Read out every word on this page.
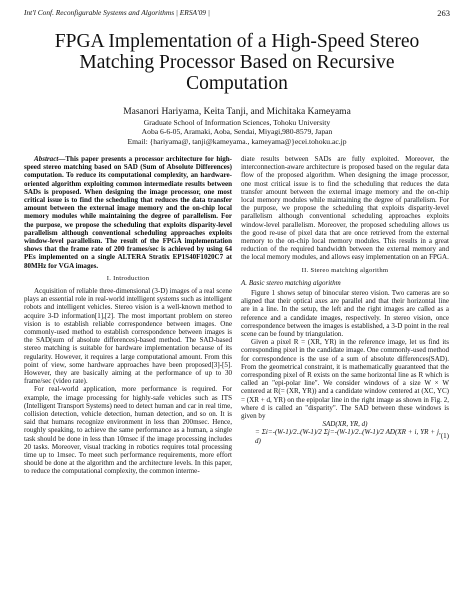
Int'l Conf. Reconfigurable Systems and Algorithms | ERSA'09 |	263
FPGA Implementation of a High-Speed Stereo
Matching Processor Based on Recursive
Computation
Masanori Hariyama, Keita Tanji, and Michitaka Kameyama
Graduate School of Information Sciences, Tohoku University
Aoba 6-6-05, Aramaki, Aoba, Sendai, Miyagi,980-8579, Japan
Email: {hariyama@, tanji@kameyama., kameyama@}ecei.tohoku.ac.jp

Abstract—This paper presents a processor architecture for high-speed stereo matching based on SAD (Sum of Absolute Differences) computation. To reduce its computational complexity, an hardware-oriented algorithm exploiting common intermediate results between SADs is proposed. When designing the image processor, one most critical issue is to find the scheduling that reduces the data transfer amount between the external image memory and the on-chip local memory modules while maintaining the degree of parallelism. For the purpose, we propose the scheduling that exploits disparity-level parallelism although conventional scheduling approaches exploits window-level parallelism. The result of the FPGA implementation shows that the frame rate of 200 frames/sec is achieved by using 64 PEs implemented on a single ALTERA Stratix EP1S40F1020C7 at 80MHz for VGA images.

I. Introduction

Acquisition of reliable three-dimensional (3-D) images of a real scene plays an essential role in real-world intelligent systems such as intelligent robots and intelligent vehicles. Stereo vision is a well-known method to acquire 3-D information[1],[2]. The most important problem on stereo vision is to establish reliable correspondence between images. One commonly-used method to establish correspondence between images is the SAD(sum of absolute differences)-based method. The SAD-based stereo matching is suitable for hardware implementation because of its regularity. However, it requires a large computational amount. From this point of view, some hardware approaches have been proposed[3]-[5]. However, they are basically aiming at the performance of up to 30 frame/sec (video rate).

For real-world application, more performance is required. For example, the image processing for highly-safe vehicles such as ITS (Intelligent Transport Systems) need to detect human and car in real time, collision detection, vehicle detection, human detection, and so on. It is said that humans recognize environment in less than 200msec. Hence, roughly speaking, to achieve the same performance as a human, a single task should be done in less than 10msec if the image processing includes 20 tasks. Moreover, visual tracking in robotics requires total processing time up to 1msec. To meet such performance requirements, more effort should be done at the algorithm and the architecture levels. In this paper, to reduce the computational complexity, the common interme-

diate results between SADs are fully exploited. Moreover, the interconnection-aware architecture is proposed based on the regular data flow of the proposed algorithm. When designing the image processor, one most critical issue is to find the scheduling that reduces the data transfer amount between the external image memory and the on-chip local memory modules while maintaining the degree of parallelism. For the purpose, we propose the scheduling that exploits disparity-level parallelism although conventional scheduling approaches exploits window-level parallelism. Moreover, the proposed scheduling allows us the good re-use of pixel data that are once retrieved from the external memory to the on-chip local memory modules. This results in a great reduction of the required bandwidth between the external memory and the local memory modules, and allows easy implementation on an FPGA.

II. Stereo matching algorithm
A. Basic stereo matching algorithm

Figure 1 shows setup of binocular stereo vision. Two cameras are so aligned that their optical axes are parallel and that their horizontal line are in a line. In the setup, the left and the right images are called as a reference and a candidate images, respectively. In stereo vision, once correspondence between the images is established, a 3-D point in the real scene can be found by triangulation.

Given a pixel R = (XR, YR) in the reference image, let us find its corresponding pixel in the candidate image. One commonly-used method for correspondence is the use of a sum of absolute differences(SAD). From the geometrical constraint, it is mathematically guaranteed that the corresponding pixel of R exists on the same horizontal line as R which is called an "epi-polar line". We consider windows of a size W × W centered at R(= (XR, YR)) and a candidate window centered at (XC, YC) = (XR + d, YR) on the epipolar line in the right image as shown in Fig. 2, where d is called an "disparity". The SAD between these windows is given by

SAD(XR, YR, d)
= Σi=-(W-1)/2..(W-1)/2 Σj=-(W-1)/2..(W-1)/2 AD(XR + i, YR + j, d)
(1)
